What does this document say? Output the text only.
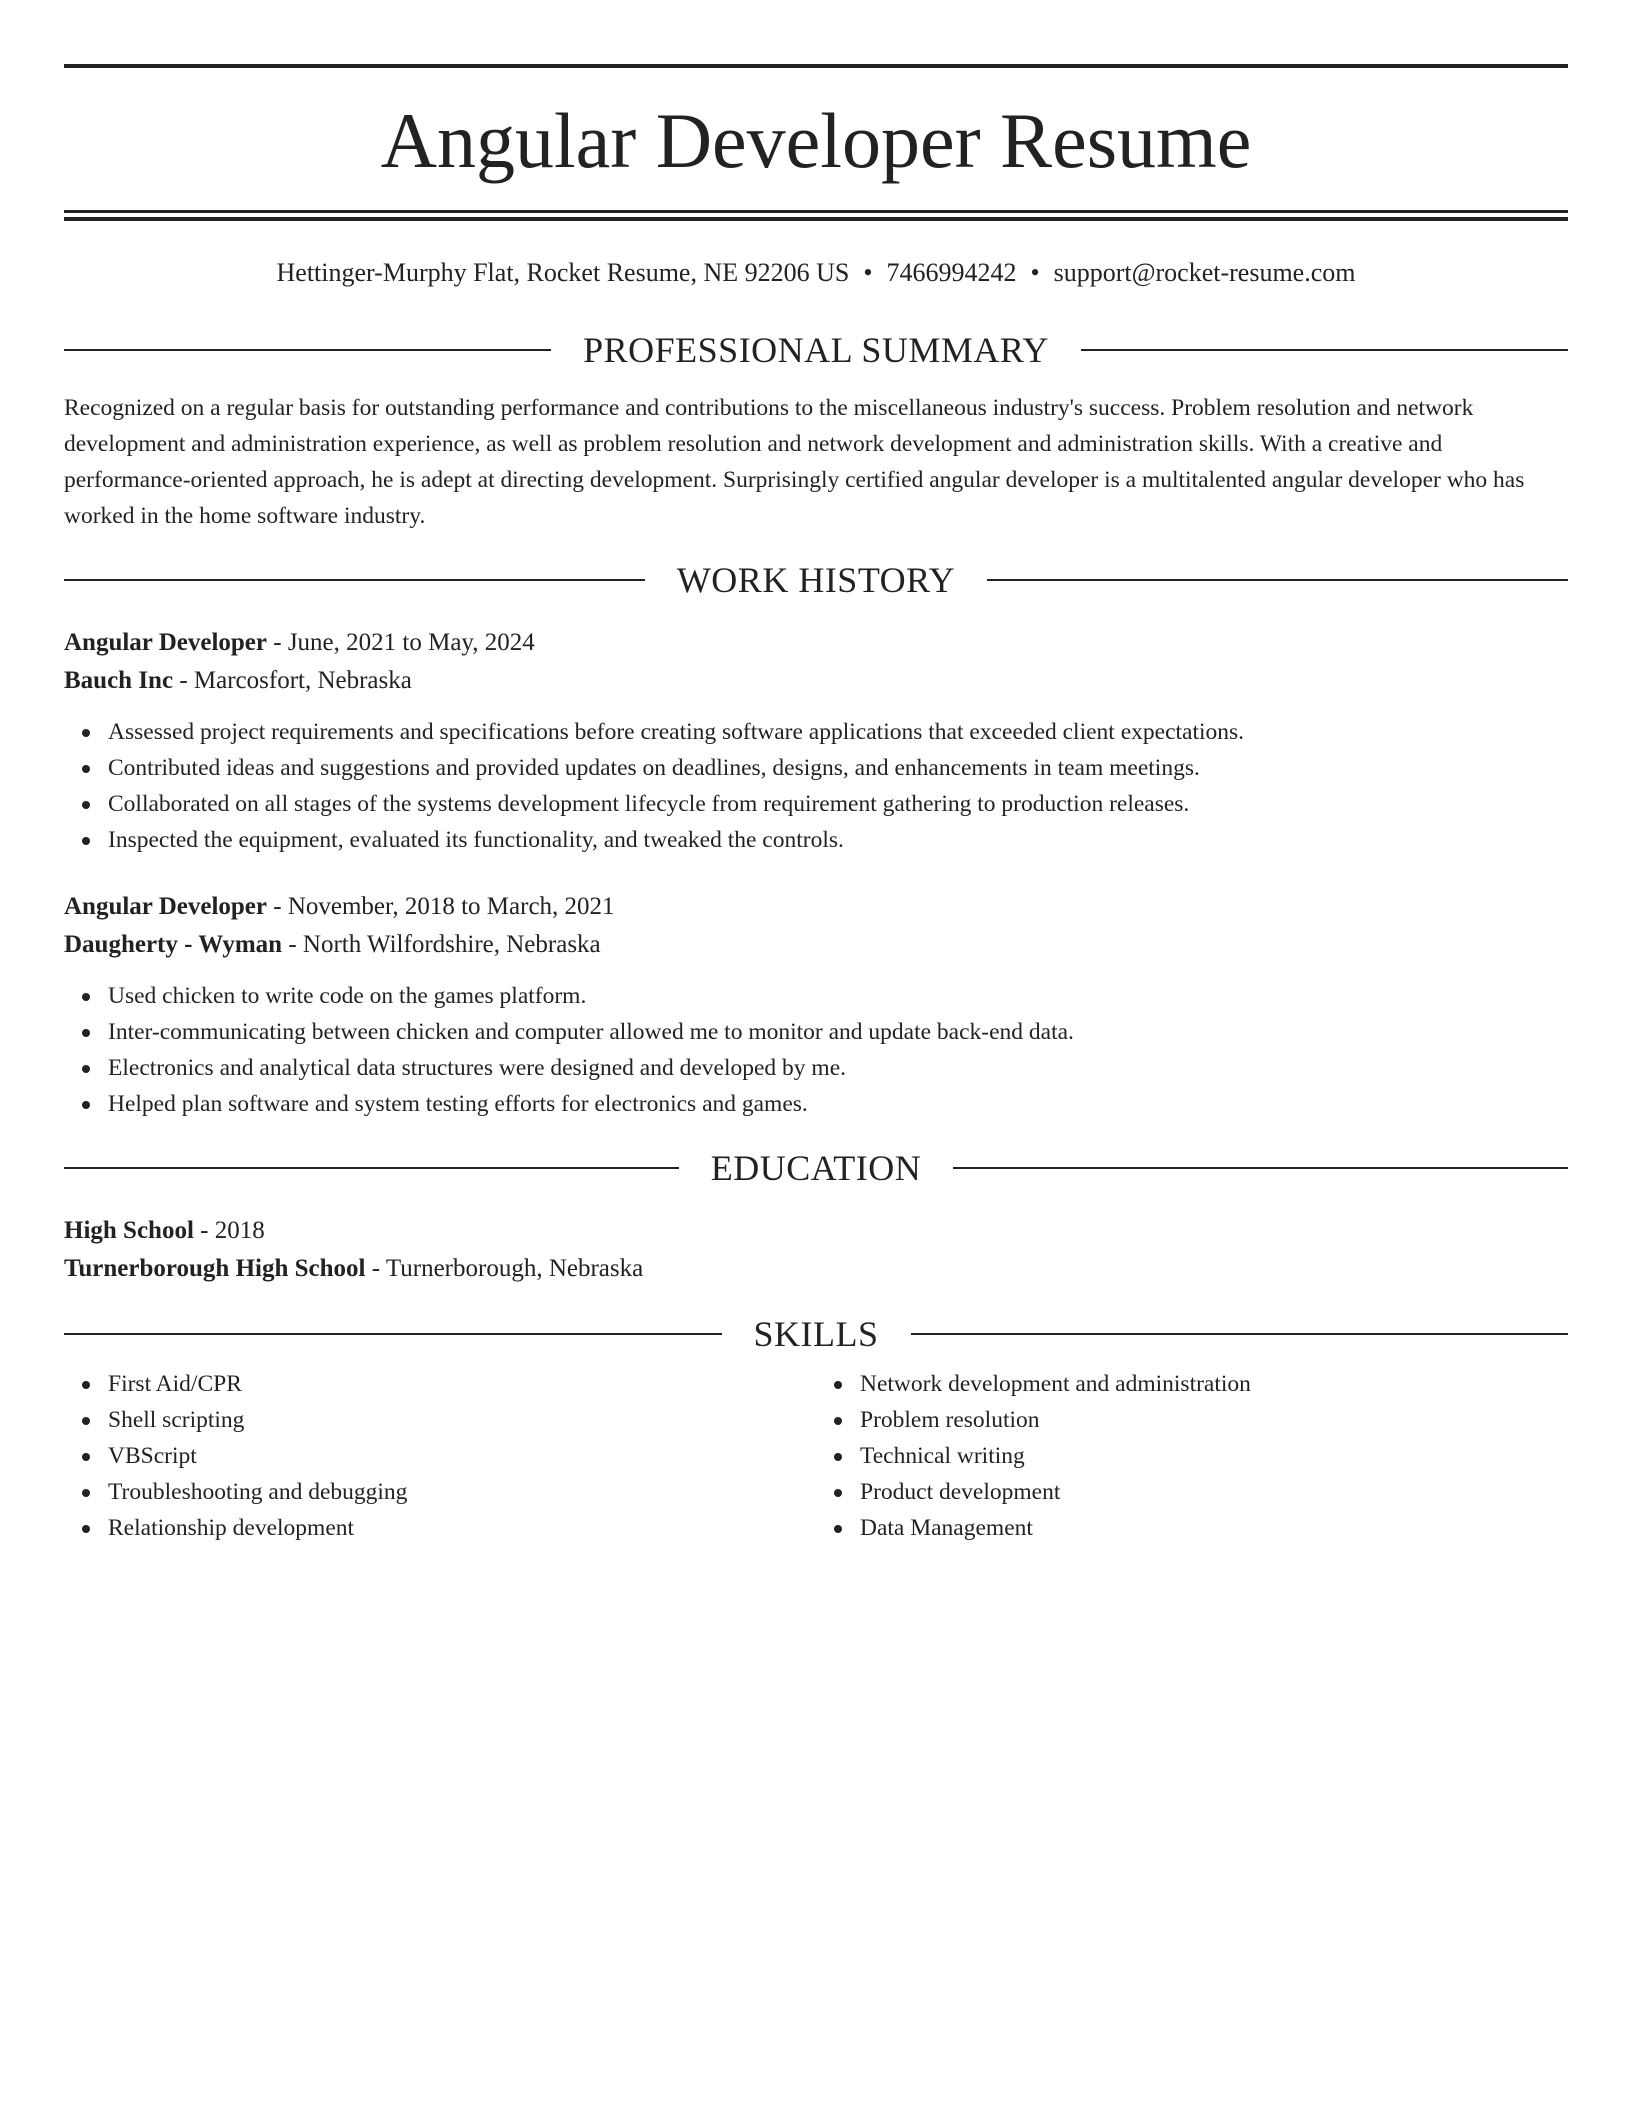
Angular Developer Resume
Hettinger-Murphy Flat, Rocket Resume, NE 92206 US • 7466994242 • support@rocket-resume.com
PROFESSIONAL SUMMARY

Recognized on a regular basis for outstanding performance and contributions to the miscellaneous industry's success. Problem resolution and network development and administration experience, as well as problem resolution and network development and administration skills. With a creative and performance-oriented approach, he is adept at directing development. Surprisingly certified angular developer is a multitalented angular developer who has worked in the home software industry.

WORK HISTORY
Angular Developer - June, 2021 to May, 2024
Bauch Inc - Marcosfort, Nebraska
Assessed project requirements and specifications before creating software applications that exceeded client expectations.
Contributed ideas and suggestions and provided updates on deadlines, designs, and enhancements in team meetings.
Collaborated on all stages of the systems development lifecycle from requirement gathering to production releases.
Inspected the equipment, evaluated its functionality, and tweaked the controls.
Angular Developer - November, 2018 to March, 2021
Daugherty - Wyman - North Wilfordshire, Nebraska
Used chicken to write code on the games platform.
Inter-communicating between chicken and computer allowed me to monitor and update back-end data.
Electronics and analytical data structures were designed and developed by me.
Helped plan software and system testing efforts for electronics and games.
EDUCATION
High School - 2018
Turnerborough High School - Turnerborough, Nebraska
SKILLS
First Aid/CPR
Shell scripting
VBScript
Troubleshooting and debugging
Relationship development
Network development and administration
Problem resolution
Technical writing
Product development
Data Management
